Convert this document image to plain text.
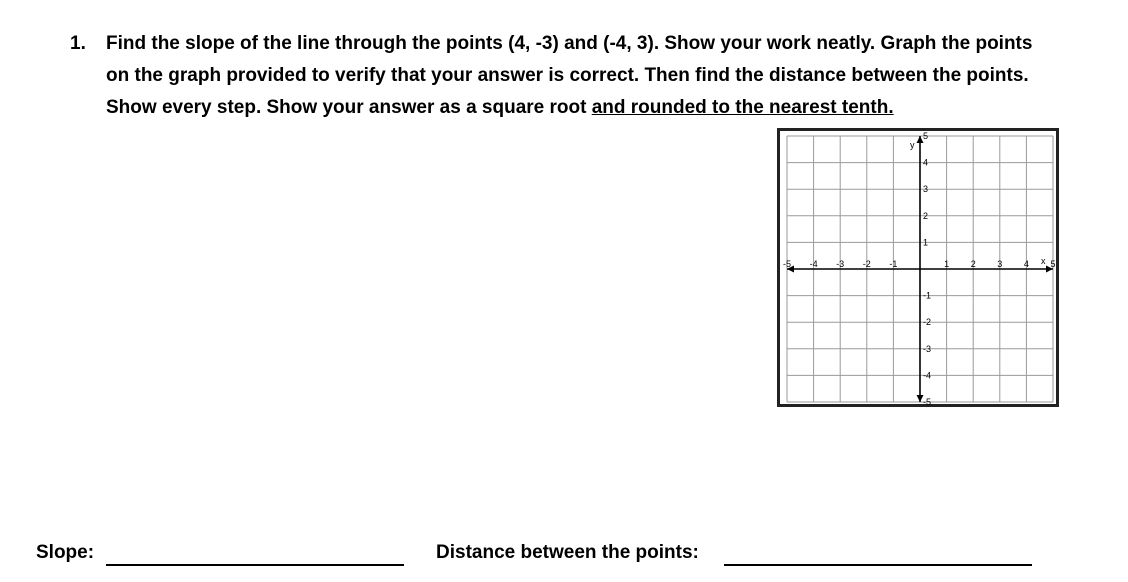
1. Find the slope of the line through the points (4, -3) and (-4, 3). Show your work neatly. Graph the points on the graph provided to verify that your answer is correct. Then find the distance between the points. Show every step. Show your answer as a square root and rounded to the nearest tenth.
-5 -4 -3 -2 -1	1 2 3 4 5
5
4
3
2
1
-1
-2
-3
-4
-5
x
y
Slope:	Distance between the points:
